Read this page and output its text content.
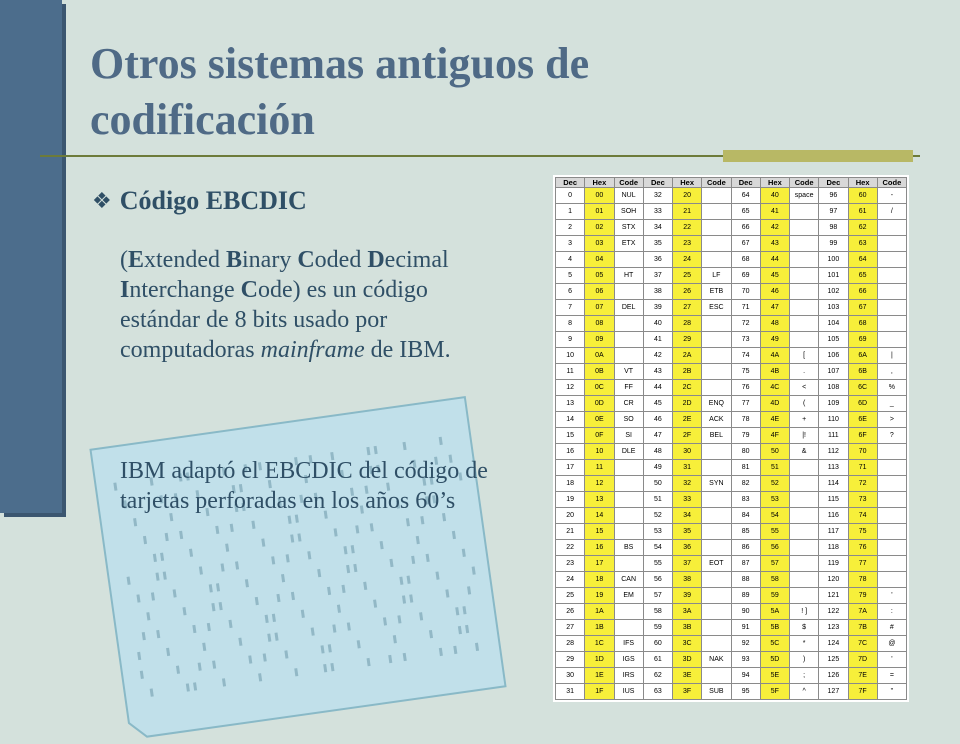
Otros sistemas antiguos de codificación
❖ Código EBCDIC
(Extended Binary Coded Decimal Interchange Code) es un código estándar de 8 bits usado por computadoras mainframe de IBM.
IBM adaptó el EBCDIC del código de tarjetas perforadas en los años 60’s
Dec	Hex	Code	Dec	Hex	Code	Dec	Hex	Code	Dec	Hex	Code
0	00	NUL	32	20		64	40	space	96	60	-
1	01	SOH	33	21		65	41		97	61	/
2	02	STX	34	22		66	42		98	62	
3	03	ETX	35	23		67	43		99	63	
4	04		36	24		68	44		100	64	
5	05	HT	37	25	LF	69	45		101	65	
6	06		38	26	ETB	70	46		102	66	
7	07	DEL	39	27	ESC	71	47		103	67	
8	08		40	28		72	48		104	68	
9	09		41	29		73	49		105	69	
10	0A		42	2A		74	4A	[	106	6A	|
11	0B	VT	43	2B		75	4B	.	107	6B	,
12	0C	FF	44	2C		76	4C	<	108	6C	%
13	0D	CR	45	2D	ENQ	77	4D	(	109	6D	_
14	0E	SO	46	2E	ACK	78	4E	+	110	6E	>
15	0F	SI	47	2F	BEL	79	4F	|!	111	6F	?
16	10	DLE	48	30		80	50	&	112	70	
17	11		49	31		81	51		113	71	
18	12		50	32	SYN	82	52		114	72	
19	13		51	33		83	53		115	73	
20	14		52	34		84	54		116	74	
21	15		53	35		85	55		117	75	
22	16	BS	54	36		86	56		118	76	
23	17		55	37	EOT	87	57		119	77	
24	18	CAN	56	38		88	58		120	78	
25	19	EM	57	39		89	59		121	79	'
26	1A		58	3A		90	5A	! ]	122	7A	:
27	1B		59	3B		91	5B	$	123	7B	#
28	1C	IFS	60	3C		92	5C	*	124	7C	@
29	1D	IGS	61	3D	NAK	93	5D	)	125	7D	'
30	1E	IRS	62	3E		94	5E	;	126	7E	=
31	1F	IUS	63	3F	SUB	95	5F	^	127	7F	"
